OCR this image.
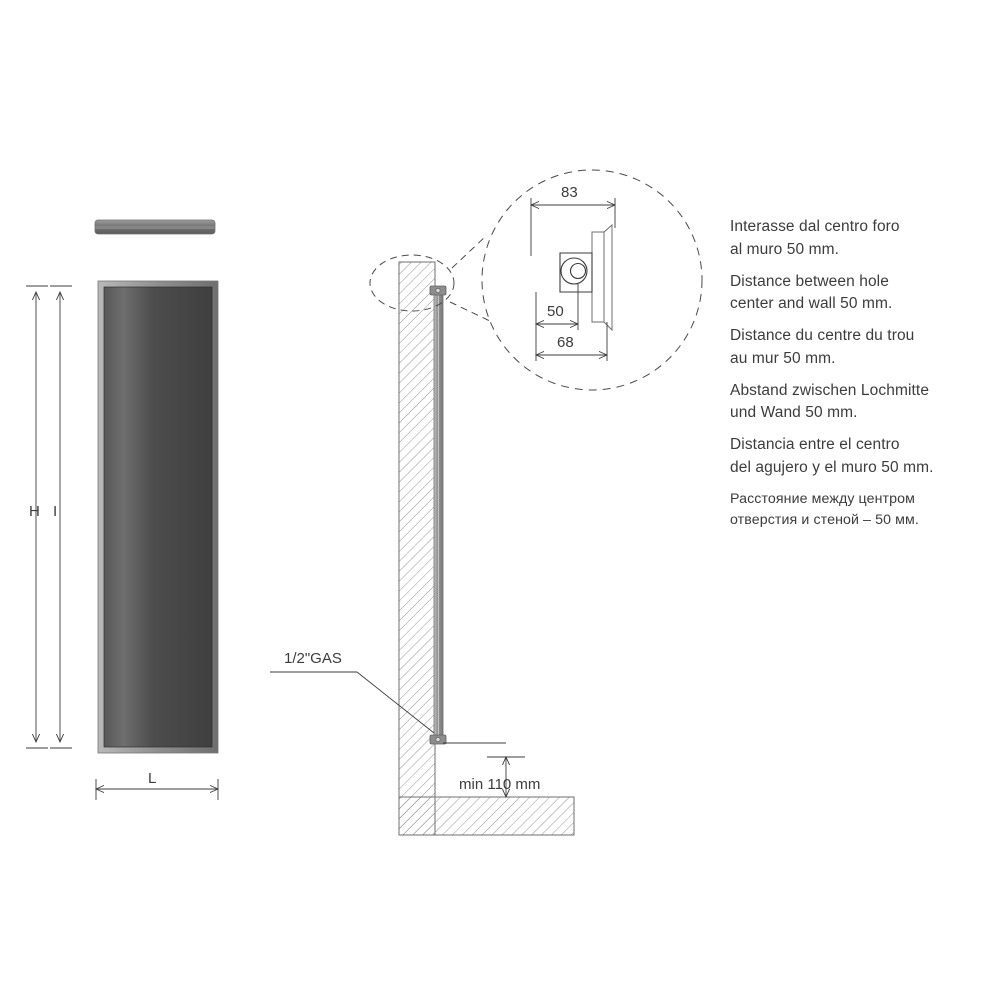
H I
L
1/2"GAS
min 110 mm
83
50
68

Interasse dal centro foro
al muro 50 mm.

Distance between hole
center and wall 50 mm.

Distance du centre du trou
au mur 50 mm.

Abstand zwischen Lochmitte
und Wand 50 mm.

Distancia entre el centro
del agujero y el muro 50 mm.

Расстояние между центром
отверстия и стеной – 50 мм.
